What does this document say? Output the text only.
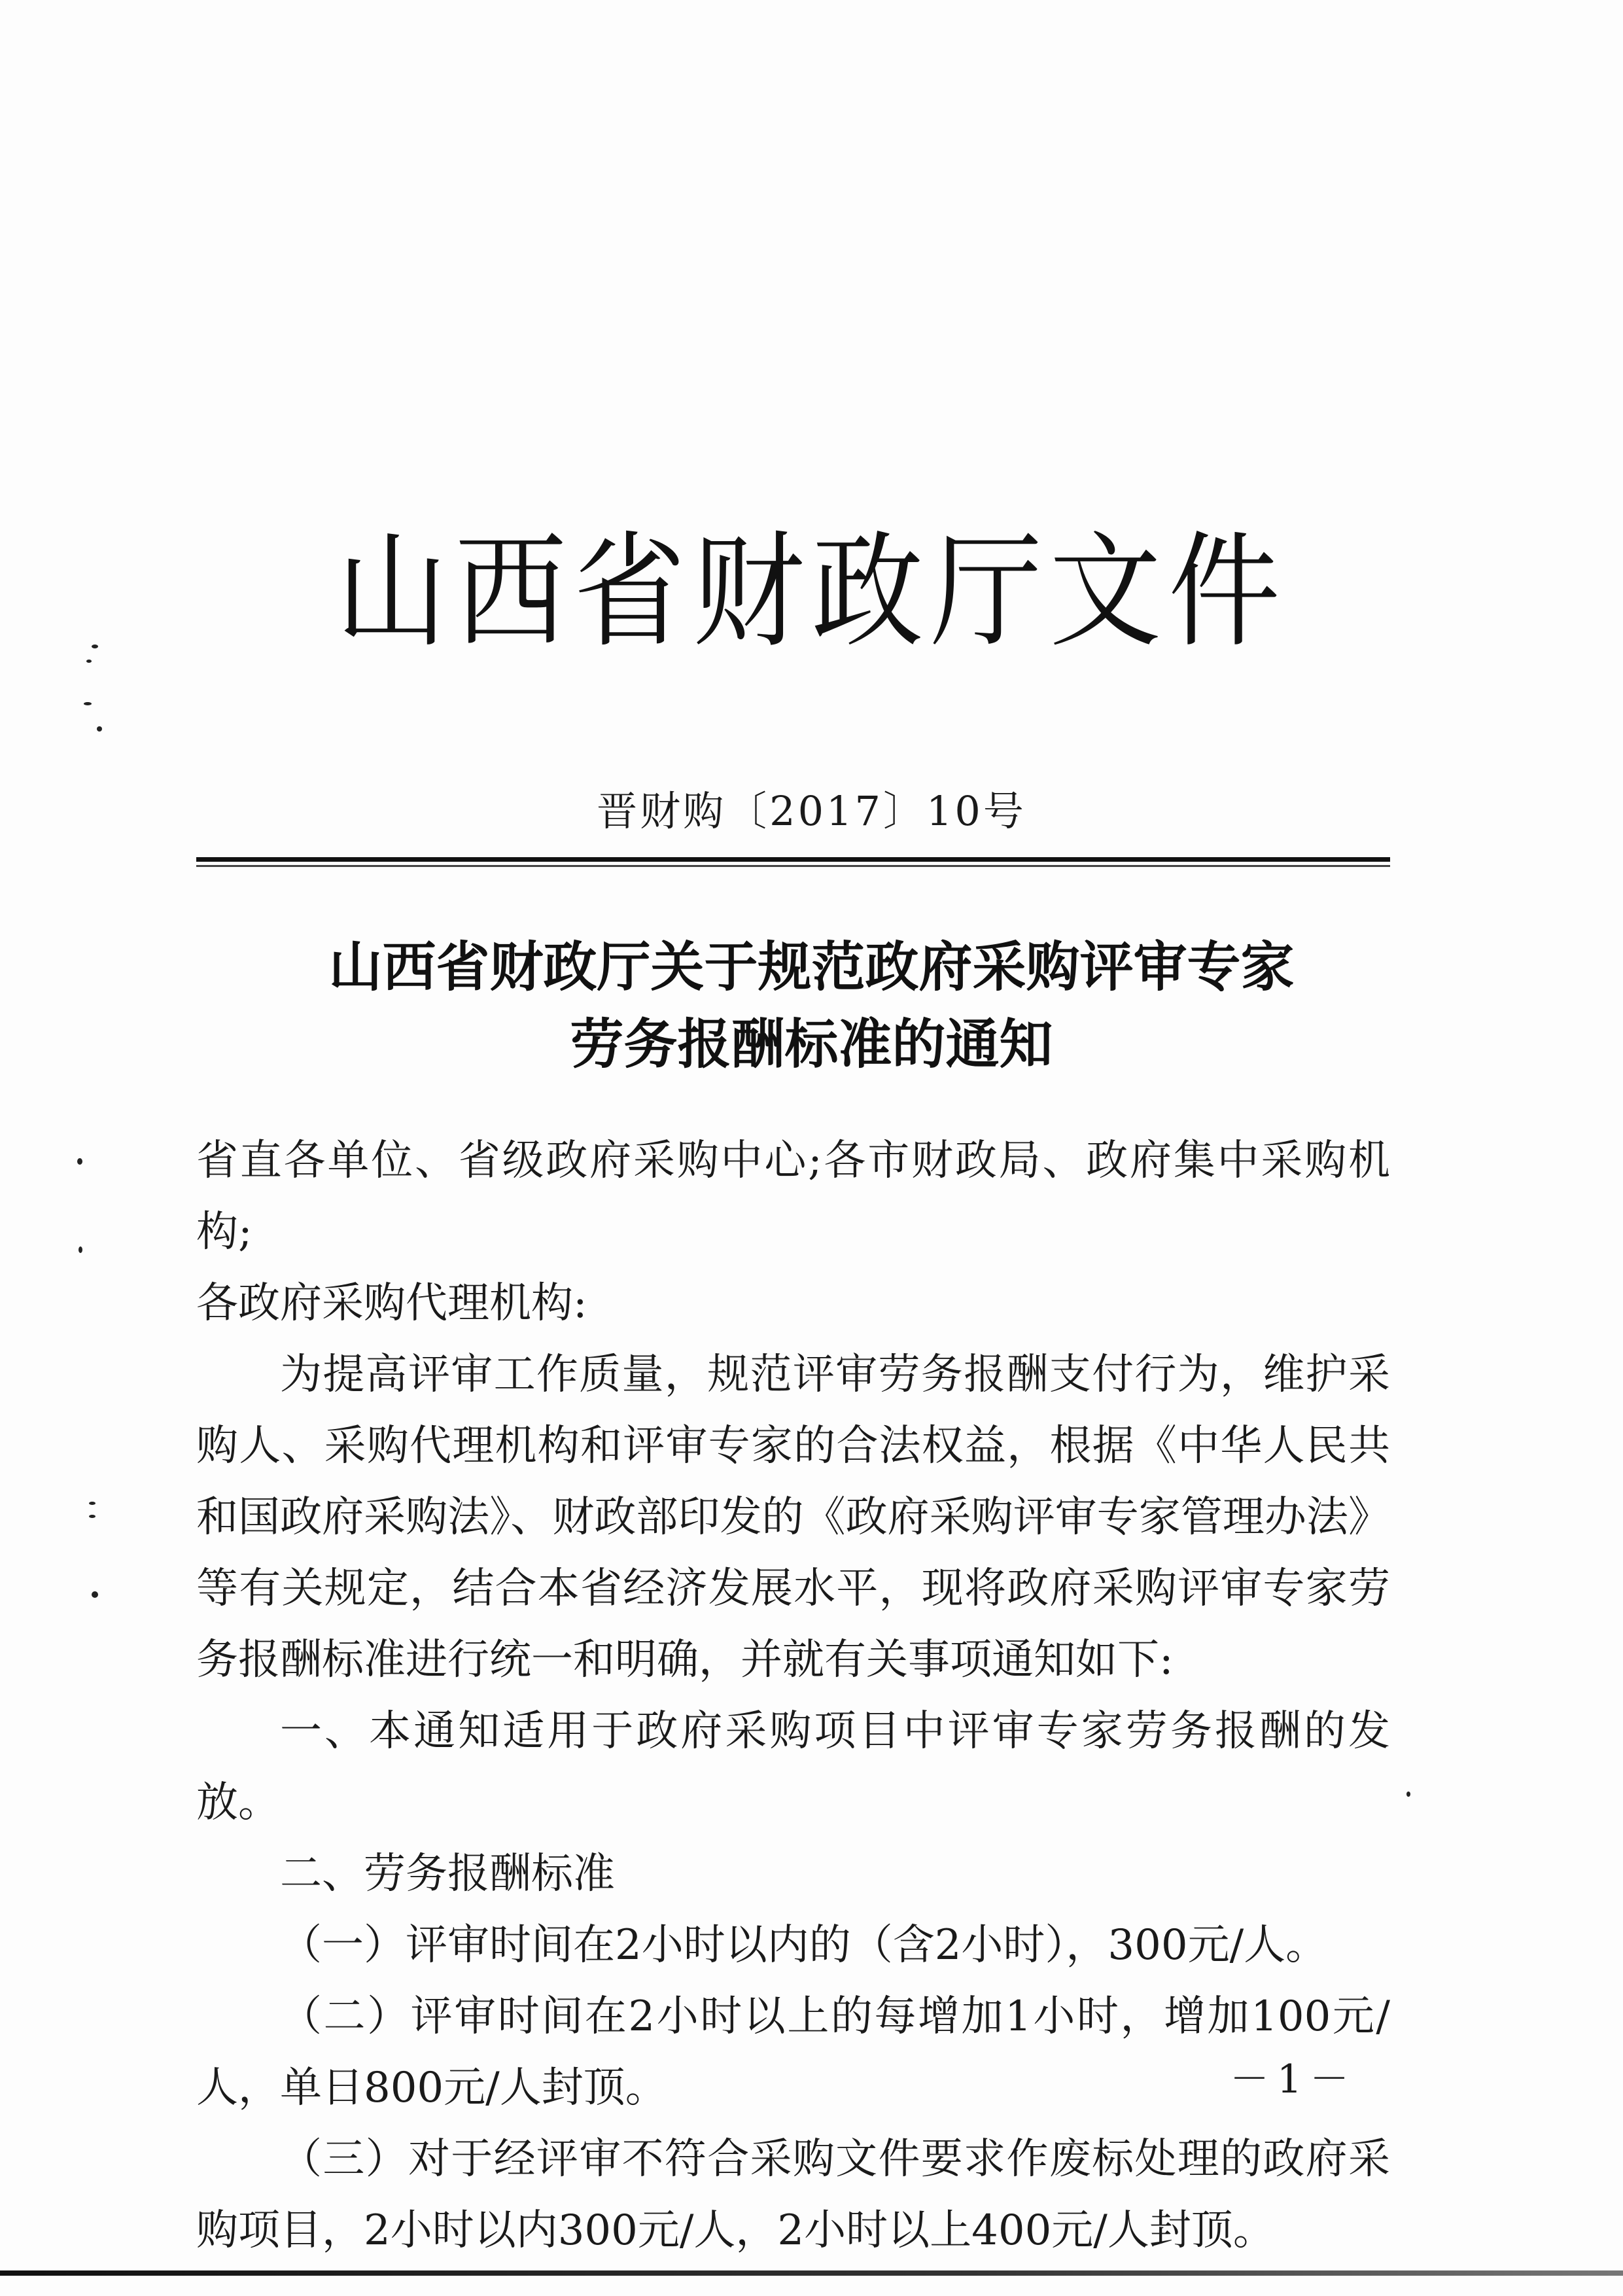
山西省财政厅文件
晋财购〔2017〕10号
山西省财政厅关于规范政府采购评审专家
劳务报酬标准的通知

省直各单位、省级政府采购中心;各市财政局、政府集中采购机构;

各政府采购代理机构:

为提高评审工作质量，规范评审劳务报酬支付行为，维护采购人、采购代理机构和评审专家的合法权益，根据《中华人民共和国政府采购法》、财政部印发的《政府采购评审专家管理办法》等有关规定，结合本省经济发展水平，现将政府采购评审专家劳务报酬标准进行统一和明确，并就有关事项通知如下:

一、本通知适用于政府采购项目中评审专家劳务报酬的发放。

二、劳务报酬标准

（一）评审时间在2小时以内的（含2小时），300元/人。

（二）评审时间在2小时以上的每增加1小时，增加100元/人，单日800元/人封顶。

（三）对于经评审不符合采购文件要求作废标处理的政府采购项目，2小时以内300元/人，2小时以上400元/人封顶。

－1－
